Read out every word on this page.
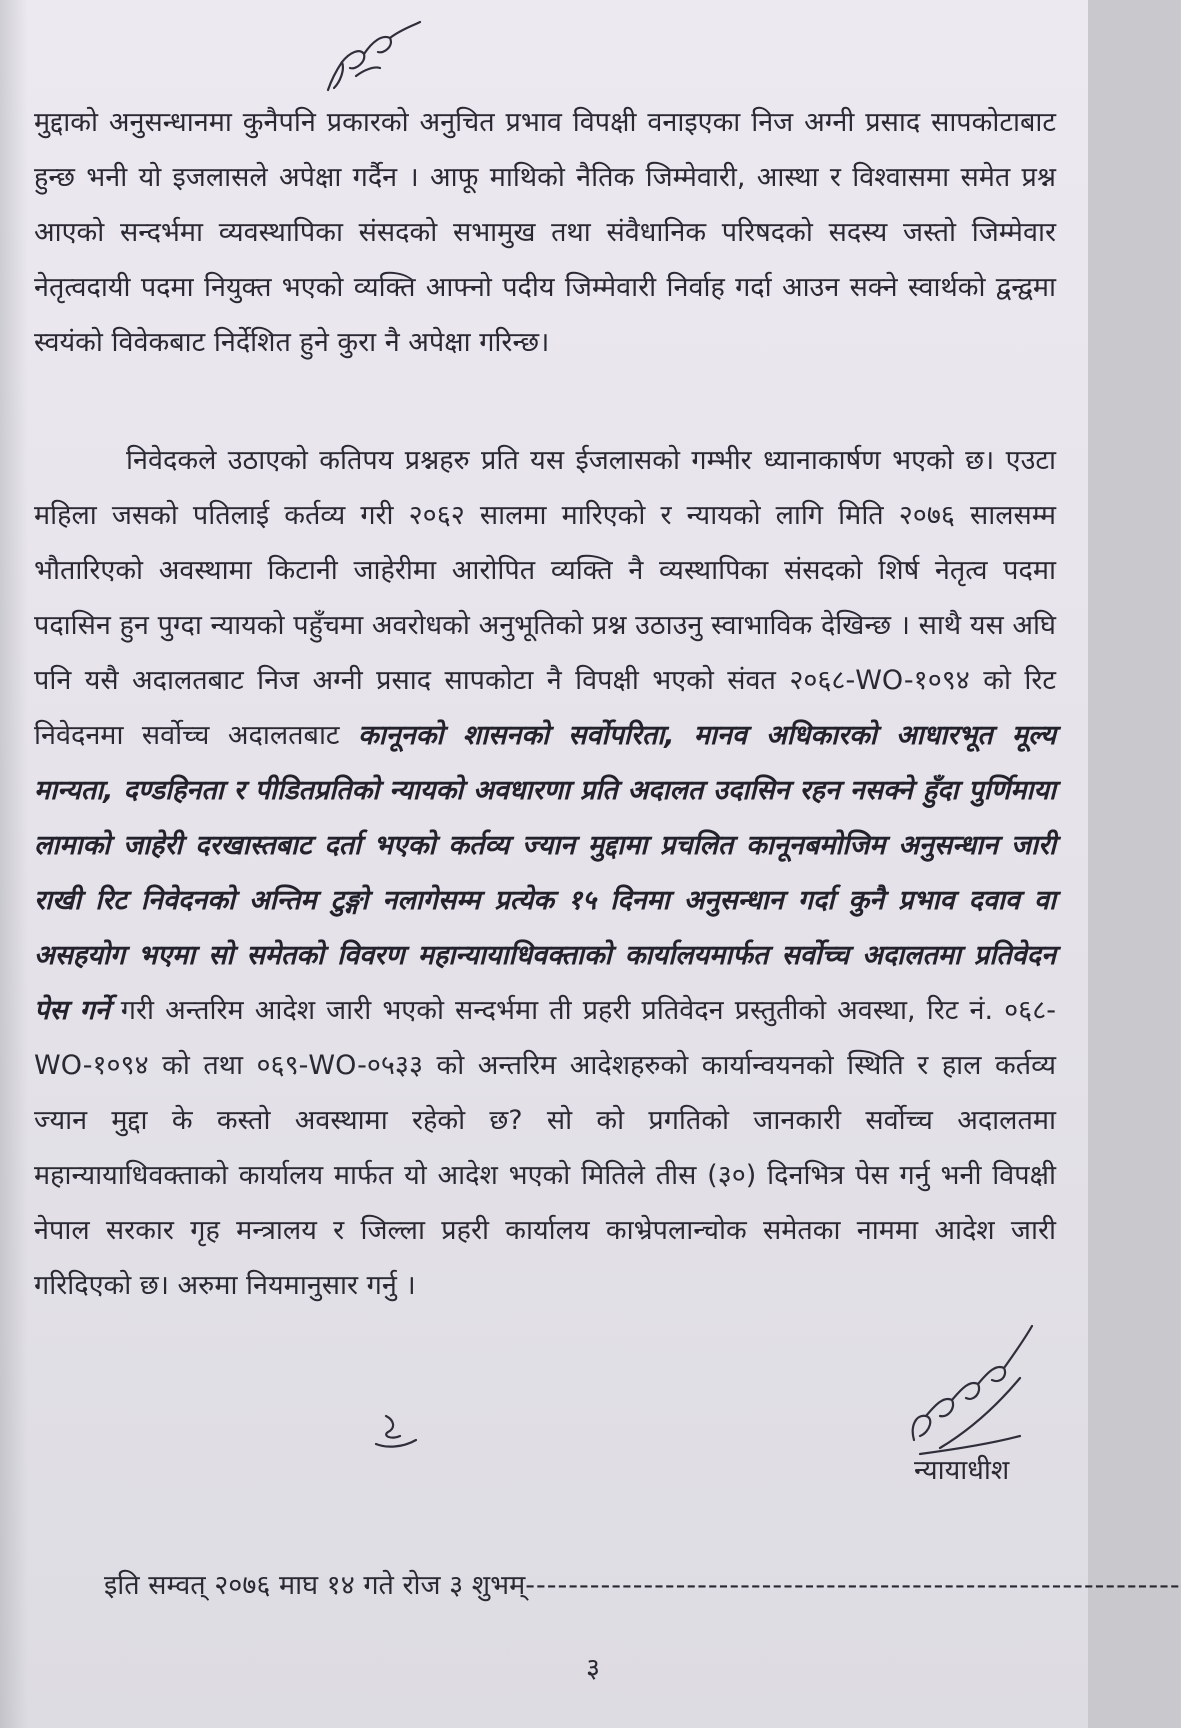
मुद्दाको अनुसन्धानमा कुनैपनि प्रकारको अनुचित प्रभाव विपक्षी वनाइएका निज अग्नी प्रसाद सापकोटाबाट हुन्छ भनी यो इजलासले अपेक्षा गर्दैन । आफू माथिको नैतिक जिम्मेवारी, आस्था र विश्वासमा समेत प्रश्न आएको सन्दर्भमा व्यवस्थापिका संसदको सभामुख तथा संवैधानिक परिषदको सदस्य जस्तो जिम्मेवार नेतृत्वदायी पदमा नियुक्त भएको व्यक्ति आफ्नो पदीय जिम्मेवारी निर्वाह गर्दा आउन सक्ने स्वार्थको द्वन्द्वमा स्वयंको विवेकबाट निर्देशित हुने कुरा नै अपेक्षा गरिन्छ।

निवेदकले उठाएको कतिपय प्रश्नहरु प्रति यस ईजलासको गम्भीर ध्यानाकार्षण भएको छ। एउटा महिला जसको पतिलाई कर्तव्य गरी २०६२ सालमा मारिएको र न्यायको लागि मिति २०७६ सालसम्म भौतारिएको अवस्थामा किटानी जाहेरीमा आरोपित व्यक्ति नै व्यस्थापिका संसदको शिर्ष नेतृत्व पदमा पदासिन हुन पुग्दा न्यायको पहुँचमा अवरोधको अनुभूतिको प्रश्न उठाउनु स्वाभाविक देखिन्छ । साथै यस अघि पनि यसै अदालतबाट निज अग्नी प्रसाद सापकोटा नै विपक्षी भएको संवत २०६८-WO-१०९४ को रिट निवेदनमा सर्वोच्च अदालतबाट कानूनको शासनको सर्वोपरिता, मानव अधिकारको आधारभूत मूल्य मान्यता, दण्डहिनता र पीडितप्रतिको न्यायको अवधारणा प्रति अदालत उदासिन रहन नसक्ने हुँदा पुर्णिमाया लामाको जाहेरी दरखास्तबाट दर्ता भएको कर्तव्य ज्यान मुद्दामा प्रचलित कानूनबमोजिम अनुसन्धान जारी राखी रिट निवेदनको अन्तिम टुङ्गो नलागेसम्म प्रत्येक १५ दिनमा अनुसन्धान गर्दा कुनै प्रभाव दवाव वा असहयोग भएमा सो समेतको विवरण महान्यायाधिवक्ताको कार्यालयमार्फत सर्वोच्च अदालतमा प्रतिवेदन पेस गर्ने गरी अन्तरिम आदेश जारी भएको सन्दर्भमा ती प्रहरी प्रतिवेदन प्रस्तुतीको अवस्था, रिट नं. ०६८-WO-१०९४ को तथा ०६९-WO-०५३३ को अन्तरिम आदेशहरुको कार्यान्वयनको स्थिति र हाल कर्तव्य ज्यान मुद्दा के कस्तो अवस्थामा रहेको छ? सो को प्रगतिको जानकारी सर्वोच्च अदालतमा महान्यायाधिवक्ताको कार्यालय मार्फत यो आदेश भएको मितिले तीस (३०) दिनभित्र पेस गर्नु भनी विपक्षी नेपाल सरकार गृह मन्त्रालय र जिल्ला प्रहरी कार्यालय काभ्रेपलान्चोक समेतका नाममा आदेश जारी गरिदिएको छ। अरुमा नियमानुसार गर्नु ।

न्यायाधीश
इति सम्वत् २०७६ माघ १४ गते रोज ३ शुभम्-------------------------------------------------------------
३
